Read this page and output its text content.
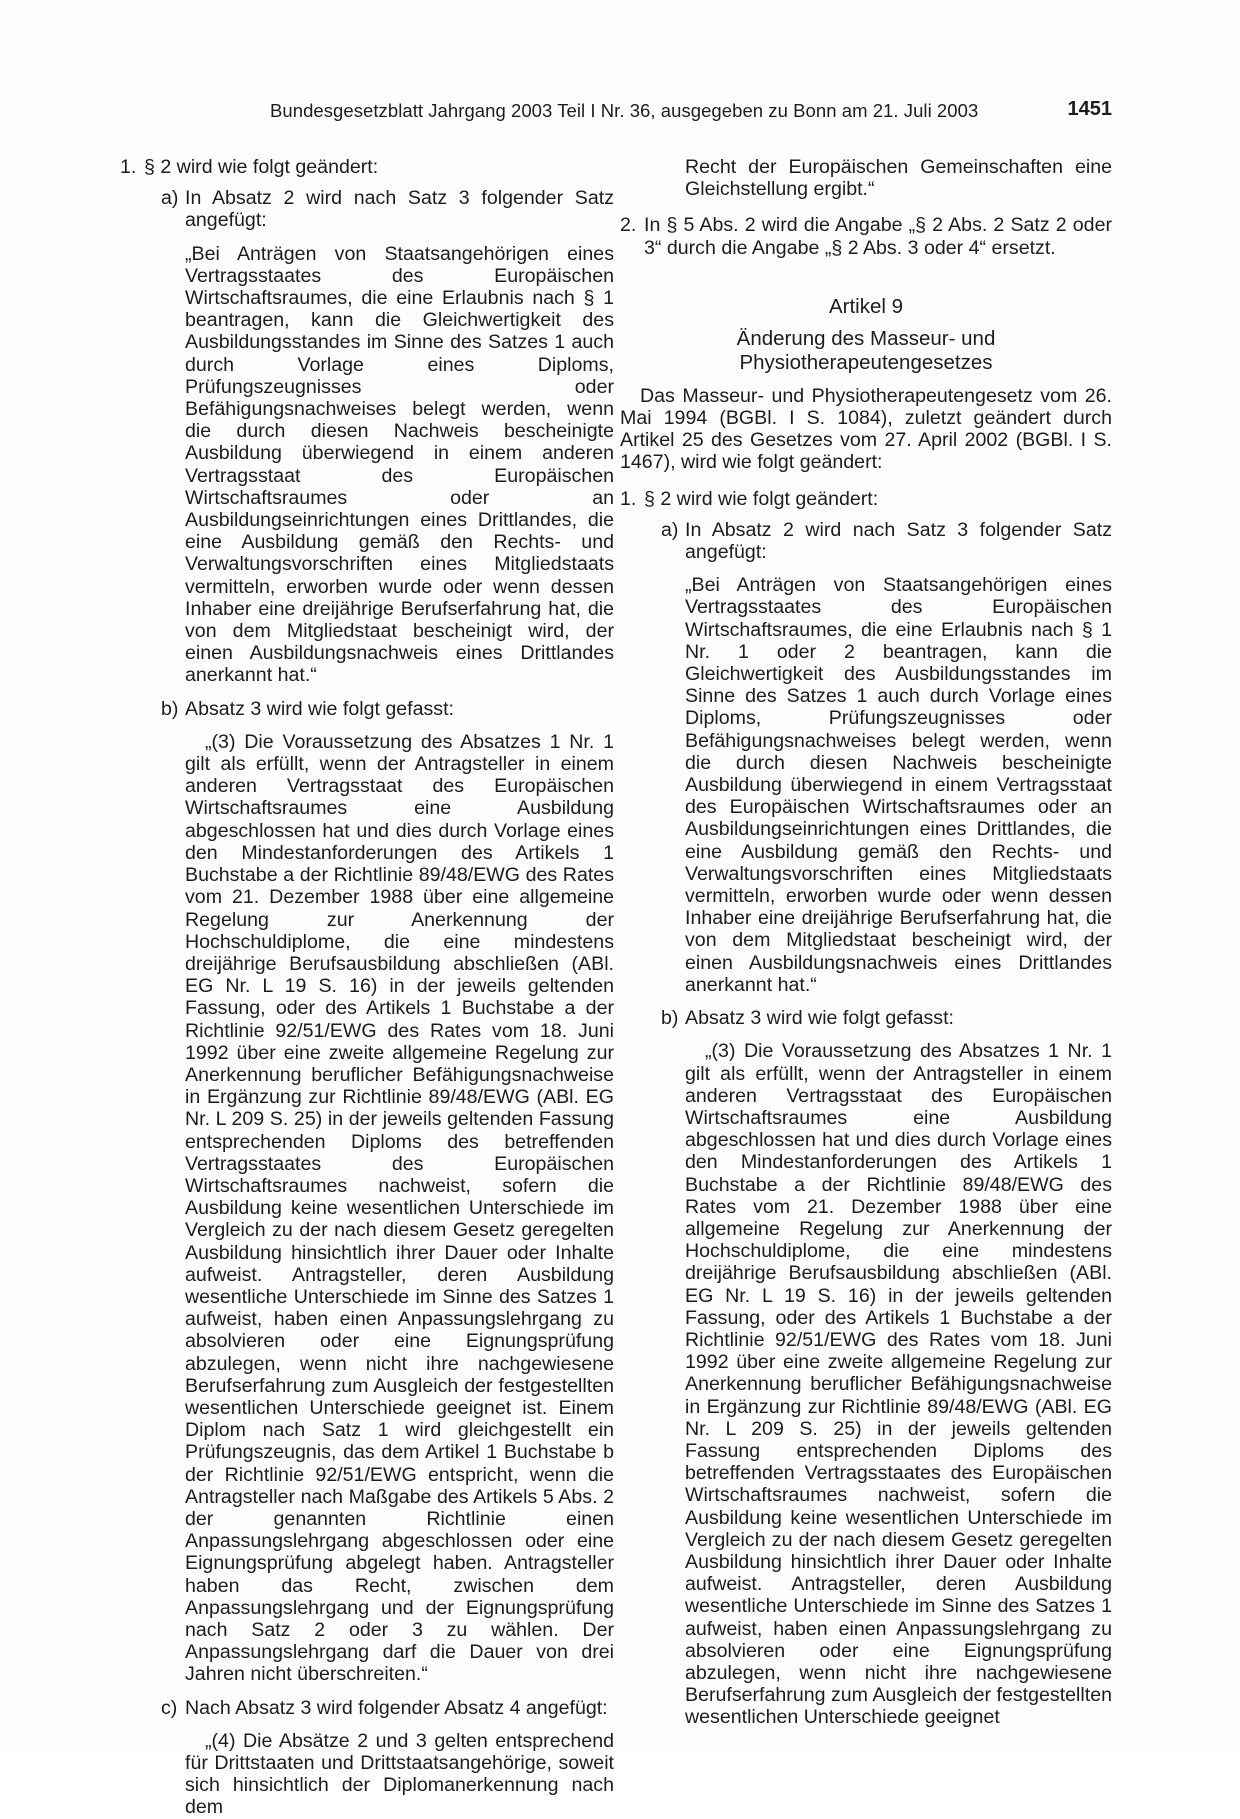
Bundesgesetzblatt Jahrgang 2003 Teil I Nr. 36, ausgegeben zu Bonn am 21. Juli 2003	1451
1. § 2 wird wie folgt geändert:

a) In Absatz 2 wird nach Satz 3 folgender Satz angefügt:

„Bei Anträgen von Staatsangehörigen eines Vertragsstaates des Europäischen Wirtschaftsraumes, die eine Erlaubnis nach § 1 beantragen, kann die Gleichwertigkeit des Ausbildungsstandes im Sinne des Satzes 1 auch durch Vorlage eines Diploms, Prüfungszeugnisses oder Befähigungsnachweises belegt werden, wenn die durch diesen Nachweis bescheinigte Ausbildung überwiegend in einem anderen Vertragsstaat des Europäischen Wirtschaftsraumes oder an Ausbildungseinrichtungen eines Drittlandes, die eine Ausbildung gemäß den Rechts- und Verwaltungsvorschriften eines Mitgliedstaats vermitteln, erworben wurde oder wenn dessen Inhaber eine dreijährige Berufserfahrung hat, die von dem Mitgliedstaat bescheinigt wird, der einen Ausbildungsnachweis eines Drittlandes anerkannt hat.“

b) Absatz 3 wird wie folgt gefasst:

„(3) Die Voraussetzung des Absatzes 1 Nr. 1 gilt als erfüllt, wenn der Antragsteller in einem anderen Vertragsstaat des Europäischen Wirtschaftsraumes eine Ausbildung abgeschlossen hat und dies durch Vorlage eines den Mindestanforderungen des Artikels 1 Buchstabe a der Richtlinie 89/48/EWG des Rates vom 21. Dezember 1988 über eine allgemeine Regelung zur Anerkennung der Hochschuldiplome, die eine mindestens dreijährige Berufsausbildung abschließen (ABl. EG Nr. L 19 S. 16) in der jeweils geltenden Fassung, oder des Artikels 1 Buchstabe a der Richtlinie 92/51/EWG des Rates vom 18. Juni 1992 über eine zweite allgemeine Regelung zur Anerkennung beruflicher Befähigungsnachweise in Ergänzung zur Richtlinie 89/48/EWG (ABl. EG Nr. L 209 S. 25) in der jeweils geltenden Fassung entsprechenden Diploms des betreffenden Vertragsstaates des Europäischen Wirtschaftsraumes nachweist, sofern die Ausbildung keine wesentlichen Unterschiede im Vergleich zu der nach diesem Gesetz geregelten Ausbildung hinsichtlich ihrer Dauer oder Inhalte aufweist. Antragsteller, deren Ausbildung wesentliche Unterschiede im Sinne des Satzes 1 aufweist, haben einen Anpassungslehrgang zu absolvieren oder eine Eignungsprüfung abzulegen, wenn nicht ihre nachgewiesene Berufserfahrung zum Ausgleich der festgestellten wesentlichen Unterschiede geeignet ist. Einem Diplom nach Satz 1 wird gleichgestellt ein Prüfungszeugnis, das dem Artikel 1 Buchstabe b der Richtlinie 92/51/EWG entspricht, wenn die Antragsteller nach Maßgabe des Artikels 5 Abs. 2 der genannten Richtlinie einen Anpassungslehrgang abgeschlossen oder eine Eignungsprüfung abgelegt haben. Antragsteller haben das Recht, zwischen dem Anpassungslehrgang und der Eignungsprüfung nach Satz 2 oder 3 zu wählen. Der Anpassungslehrgang darf die Dauer von drei Jahren nicht überschreiten.“

c) Nach Absatz 3 wird folgender Absatz 4 angefügt:

„(4) Die Absätze 2 und 3 gelten entsprechend für Drittstaaten und Drittstaatsangehörige, soweit sich hinsichtlich der Diplomanerkennung nach dem

Recht der Europäischen Gemeinschaften eine Gleichstellung ergibt.“

2. In § 5 Abs. 2 wird die Angabe „§ 2 Abs. 2 Satz 2 oder 3“ durch die Angabe „§ 2 Abs. 3 oder 4“ ersetzt.

Artikel 9

Änderung des Masseur- und Physiotherapeutengesetzes

Das Masseur- und Physiotherapeutengesetz vom 26. Mai 1994 (BGBl. I S. 1084), zuletzt geändert durch Artikel 25 des Gesetzes vom 27. April 2002 (BGBl. I S. 1467), wird wie folgt geändert:

1. § 2 wird wie folgt geändert:

a) In Absatz 2 wird nach Satz 3 folgender Satz angefügt:

„Bei Anträgen von Staatsangehörigen eines Vertragsstaates des Europäischen Wirtschaftsraumes, die eine Erlaubnis nach § 1 Nr. 1 oder 2 beantragen, kann die Gleichwertigkeit des Ausbildungsstandes im Sinne des Satzes 1 auch durch Vorlage eines Diploms, Prüfungszeugnisses oder Befähigungsnachweises belegt werden, wenn die durch diesen Nachweis bescheinigte Ausbildung überwiegend in einem Vertragsstaat des Europäischen Wirtschaftsraumes oder an Ausbildungseinrichtungen eines Drittlandes, die eine Ausbildung gemäß den Rechts- und Verwaltungsvorschriften eines Mitgliedstaats vermitteln, erworben wurde oder wenn dessen Inhaber eine dreijährige Berufserfahrung hat, die von dem Mitgliedstaat bescheinigt wird, der einen Ausbildungsnachweis eines Drittlandes anerkannt hat.“

b) Absatz 3 wird wie folgt gefasst:

„(3) Die Voraussetzung des Absatzes 1 Nr. 1 gilt als erfüllt, wenn der Antragsteller in einem anderen Vertragsstaat des Europäischen Wirtschaftsraumes eine Ausbildung abgeschlossen hat und dies durch Vorlage eines den Mindestanforderungen des Artikels 1 Buchstabe a der Richtlinie 89/48/EWG des Rates vom 21. Dezember 1988 über eine allgemeine Regelung zur Anerkennung der Hochschuldiplome, die eine mindestens dreijährige Berufsausbildung abschließen (ABl. EG Nr. L 19 S. 16) in der jeweils geltenden Fassung, oder des Artikels 1 Buchstabe a der Richtlinie 92/51/EWG des Rates vom 18. Juni 1992 über eine zweite allgemeine Regelung zur Anerkennung beruflicher Befähigungsnachweise in Ergänzung zur Richtlinie 89/48/EWG (ABl. EG Nr. L 209 S. 25) in der jeweils geltenden Fassung entsprechenden Diploms des betreffenden Vertragsstaates des Europäischen Wirtschaftsraumes nachweist, sofern die Ausbildung keine wesentlichen Unterschiede im Vergleich zu der nach diesem Gesetz geregelten Ausbildung hinsichtlich ihrer Dauer oder Inhalte aufweist. Antragsteller, deren Ausbildung wesentliche Unterschiede im Sinne des Satzes 1 aufweist, haben einen Anpassungslehrgang zu absolvieren oder eine Eignungsprüfung abzulegen, wenn nicht ihre nachgewiesene Berufserfahrung zum Ausgleich der festgestellten wesentlichen Unterschiede geeignet
